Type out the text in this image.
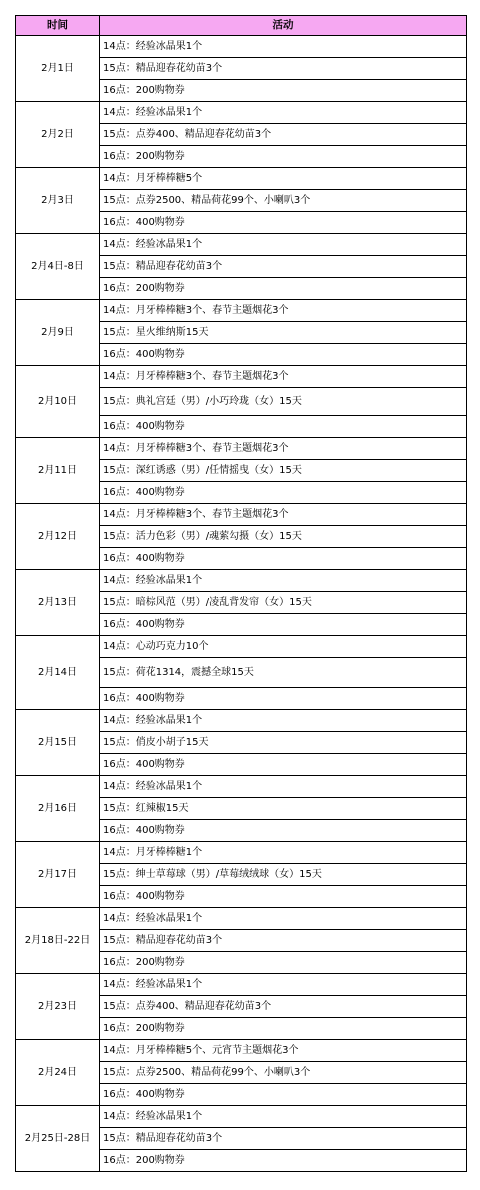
时间	活动
2月1日	14点：经验冰晶果1个
	15点：精品迎春花幼苗3个
	16点：200购物券
2月2日	14点：经验冰晶果1个
	15点：点券400、精品迎春花幼苗3个
	16点：200购物券
2月3日	14点：月牙棒棒糖5个
	15点：点券2500、精品荷花99个、小喇叭3个
	16点：400购物券
2月4日-8日	14点：经验冰晶果1个
	15点：精品迎春花幼苗3个
	16点：200购物券
2月9日	14点：月牙棒棒糖3个、春节主题烟花3个
	15点：星火维纳斯15天
	16点：400购物券
2月10日	14点：月牙棒棒糖3个、春节主题烟花3个
	15点：典礼宫廷（男）/小巧玲珑（女）15天
	16点：400购物券
2月11日	14点：月牙棒棒糖3个、春节主题烟花3个
	15点：深红诱惑（男）/任情摇曳（女）15天
	16点：400购物券
2月12日	14点：月牙棒棒糖3个、春节主题烟花3个
	15点：活力色彩（男）/魂萦勾摄（女）15天
	16点：400购物券
2月13日	14点：经验冰晶果1个
	15点：暗棕风范（男）/凌乱背发帘（女）15天
	16点：400购物券
2月14日	14点：心动巧克力10个
	15点：荷花1314，震撼全球15天
	16点：400购物券
2月15日	14点：经验冰晶果1个
	15点：俏皮小胡子15天
	16点：400购物券
2月16日	14点：经验冰晶果1个
	15点：红辣椒15天
	16点：400购物券
2月17日	14点：月牙棒棒糖1个
	15点：绅士草莓球（男）/草莓绒绒球（女）15天
	16点：400购物券
2月18日-22日	14点：经验冰晶果1个
	15点：精品迎春花幼苗3个
	16点：200购物券
2月23日	14点：经验冰晶果1个
	15点：点券400、精品迎春花幼苗3个
	16点：200购物券
2月24日	14点：月牙棒棒糖5个、元宵节主题烟花3个
	15点：点券2500、精品荷花99个、小喇叭3个
	16点：400购物券
2月25日-28日	14点：经验冰晶果1个
	15点：精品迎春花幼苗3个
	16点：200购物券
